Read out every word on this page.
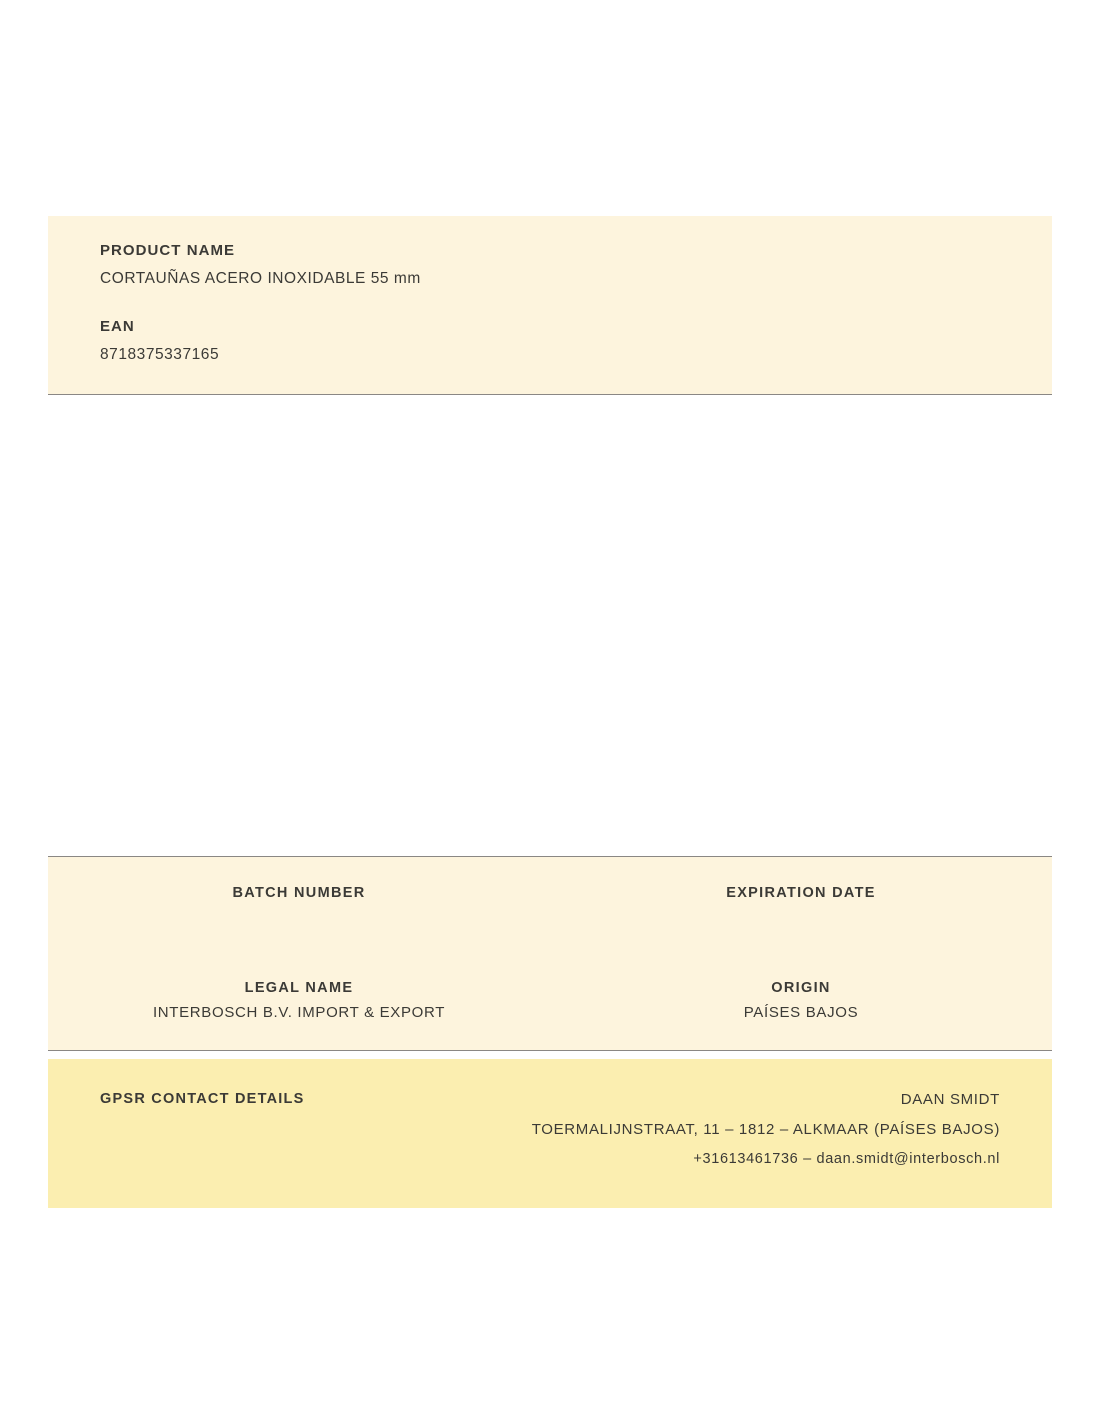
PRODUCT NAME

CORTAUÑAS ACERO INOXIDABLE 55 mm

EAN

8718375337165

BATCH NUMBER	EXPIRATION DATE

LEGAL NAME

INTERBOSCH B.V. IMPORT & EXPORT

ORIGIN

PAÍSES BAJOS

GPSR CONTACT DETAILS	DAAN SMIDT

TOERMALIJNSTRAAT, 11 – 1812 – ALKMAAR (PAÍSES BAJOS)

+31613461736 – daan.smidt@interbosch.nl
